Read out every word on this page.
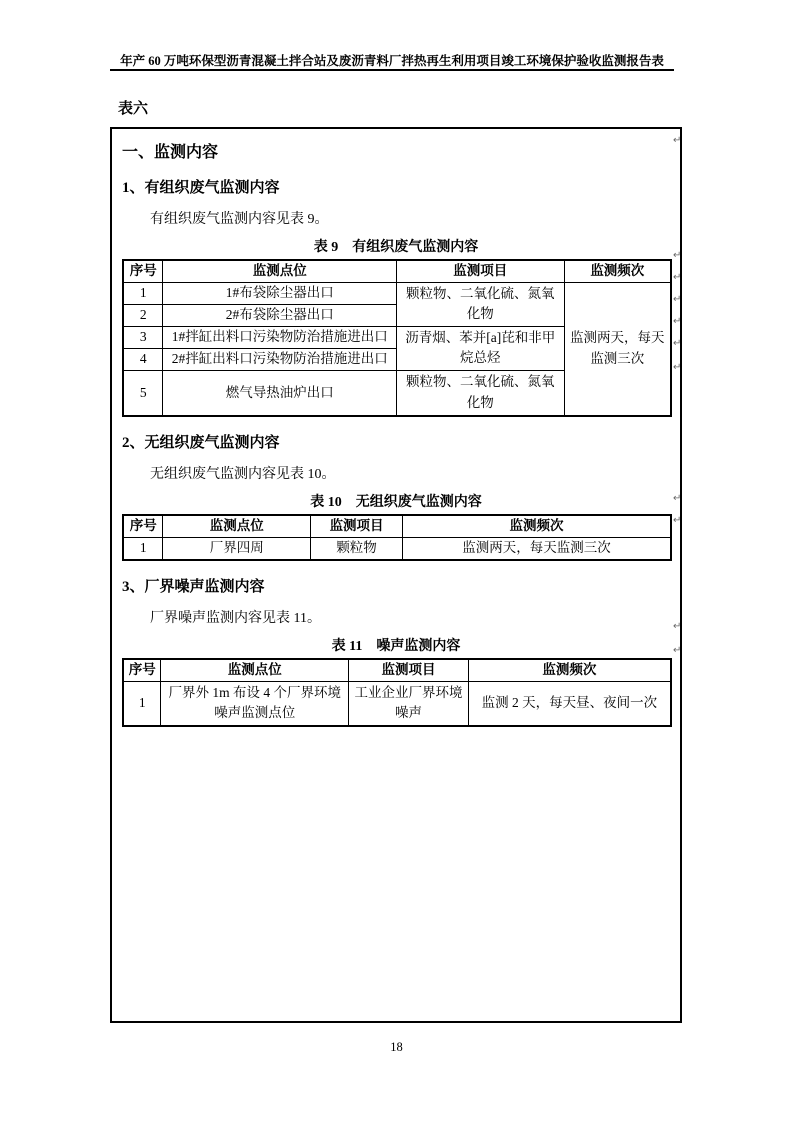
年产 60 万吨环保型沥青混凝土拌合站及废沥青料厂拌热再生利用项目竣工环境保护验收监测报告表
表六
一、监测内容
1、有组织废气监测内容
有组织废气监测内容见表 9。
表 9　有组织废气监测内容
序号	监测点位	监测项目	监测频次
1	1#布袋除尘器出口	颗粒物、二氧化硫、氮氧化物	监测两天，每天监测三次
2	2#布袋除尘器出口		
3	1#拌缸出料口污染物防治措施进出口	沥青烟、苯并[a]芘和非甲烷总烃	
4	2#拌缸出料口污染物防治措施进出口		
5	燃气导热油炉出口	颗粒物、二氧化硫、氮氧化物	
2、无组织废气监测内容
无组织废气监测内容见表 10。
表 10　无组织废气监测内容
序号	监测点位	监测项目	监测频次
1	厂界四周	颗粒物	监测两天，每天监测三次
3、厂界噪声监测内容
厂界噪声监测内容见表 11。
表 11　噪声监测内容
序号	监测点位	监测项目	监测频次
1	厂界外 1m 布设 4 个厂界环境噪声监测点位	工业企业厂界环境噪声	监测 2 天，每天昼、夜间一次
↵
↵
↵
↵
↵
↵
↵
↵
↵
↵
↵
18
